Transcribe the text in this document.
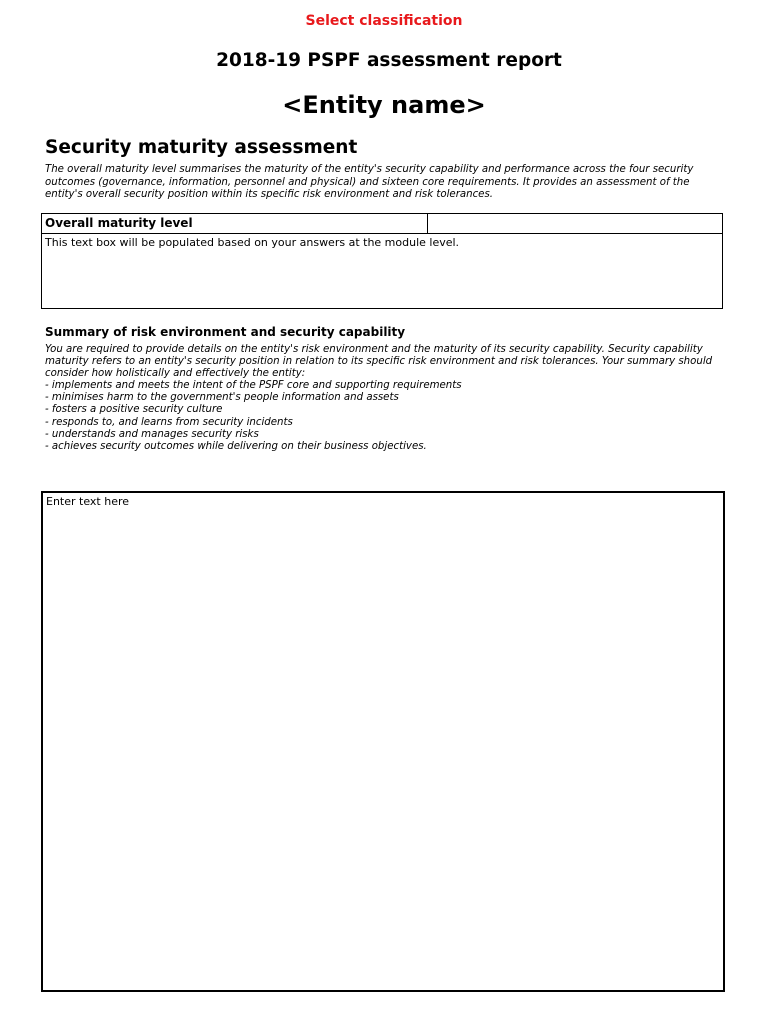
Select classification
2018-19 PSPF assessment report
<Entity name>
Security maturity assessment
The overall maturity level summarises the maturity of the entity's security capability and performance across the four security outcomes (governance, information, personnel and physical) and sixteen core requirements. It provides an assessment of the entity's overall security position within its specific risk environment and risk tolerances.
Overall maturity level
This text box will be populated based on your answers at the module level.
Summary of risk environment and security capability
You are required to provide details on the entity's risk environment and the maturity of its security capability. Security capability
maturity refers to an entity's security position in relation to its specific risk environment and risk tolerances. Your summary should
consider how holistically and effectively the entity:
- implements and meets the intent of the PSPF core and supporting requirements
- minimises harm to the government's people information and assets
- fosters a positive security culture
- responds to, and learns from security incidents
- understands and manages security risks
- achieves security outcomes while delivering on their business objectives.
Enter text here
